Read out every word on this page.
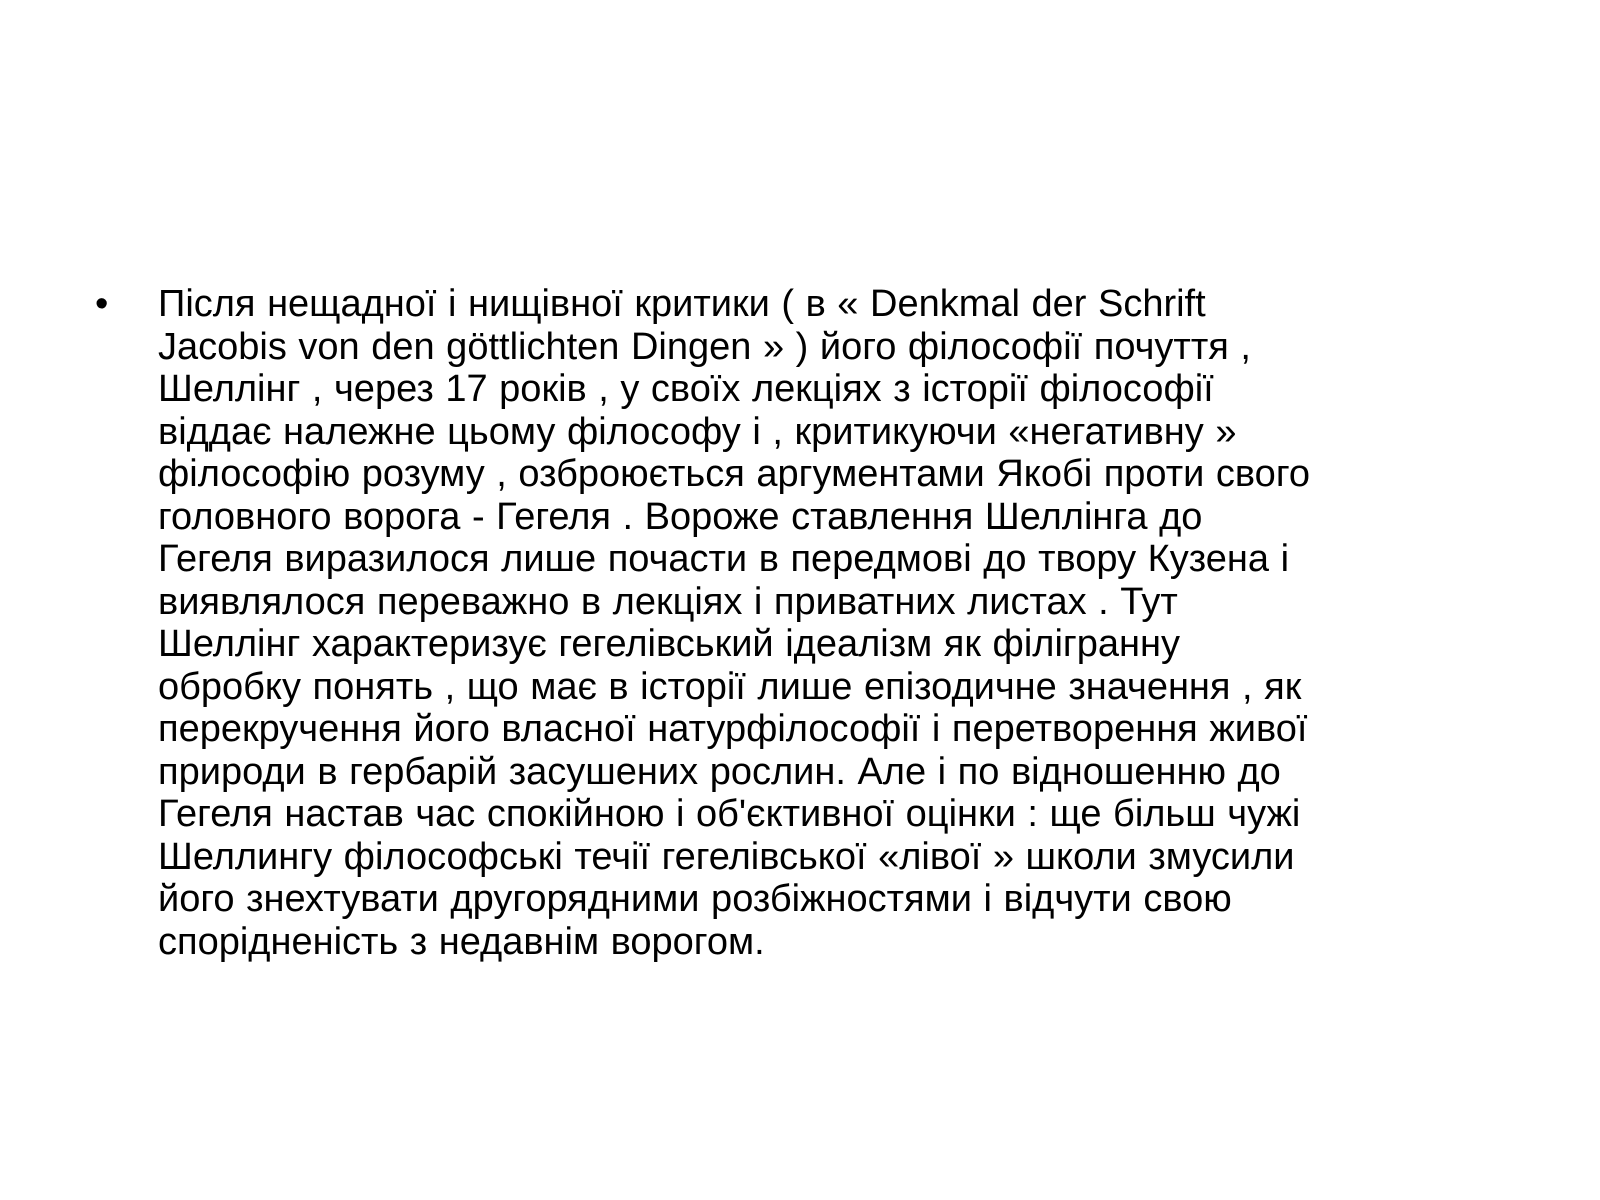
•	Після нещадної і нищівної критики ( в « Denkmal der Schrift
Jacobis von den göttlichten Dingen » ) його філософії почуття ,
Шеллінг , через 17 років , у своїх лекціях з історії філософії
віддає належне цьому філософу і , критикуючи «негативну »
філософію розуму , озброюється аргументами Якобі проти свого
головного ворога - Гегеля . Вороже ставлення Шеллінга до
Гегеля виразилося лише почасти в передмові до твору Кузена і
виявлялося переважно в лекціях і приватних листах . Тут
Шеллінг характеризує гегелівський ідеалізм як філігранну
обробку понять , що має в історії лише епізодичне значення , як
перекручення його власної натурфілософії і перетворення живої
природи в гербарій засушених рослин. Але і по відношенню до
Гегеля настав час спокійною і об'єктивної оцінки : ще більш чужі
Шеллингу філософські течії гегелівської «лівої » школи змусили
його знехтувати другорядними розбіжностями і відчути свою
спорідненість з недавнім ворогом.
